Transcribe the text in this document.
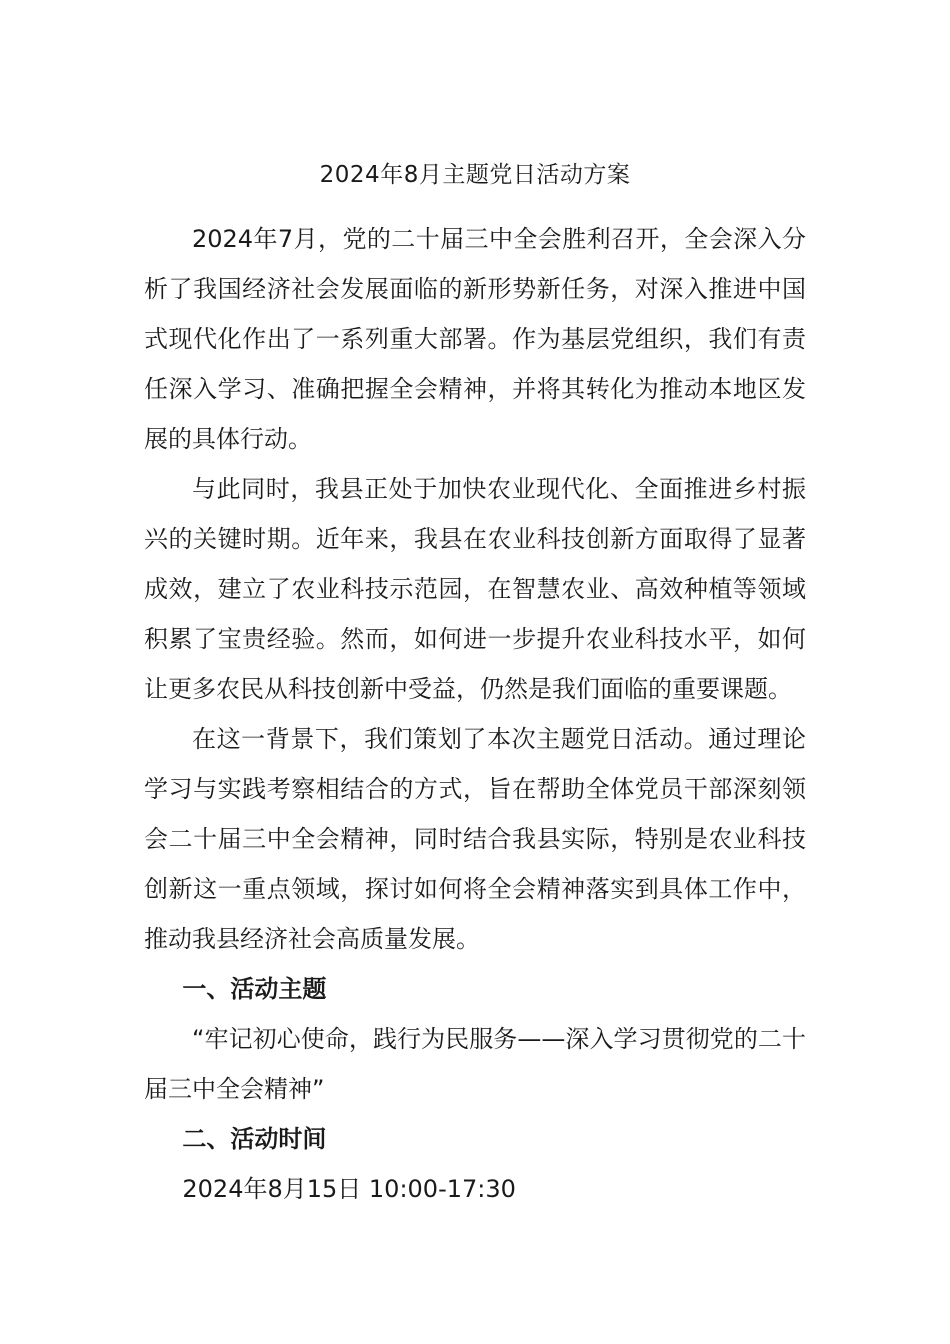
2024年8月主题党日活动方案

2024年7月，党的二十届三中全会胜利召开，全会深入分析了我国经济社会发展面临的新形势新任务，对深入推进中国式现代化作出了一系列重大部署。作为基层党组织，我们有责任深入学习、准确把握全会精神，并将其转化为推动本地区发展的具体行动。

与此同时，我县正处于加快农业现代化、全面推进乡村振兴的关键时期。近年来，我县在农业科技创新方面取得了显著成效，建立了农业科技示范园，在智慧农业、高效种植等领域积累了宝贵经验。然而，如何进一步提升农业科技水平，如何让更多农民从科技创新中受益，仍然是我们面临的重要课题。

在这一背景下，我们策划了本次主题党日活动。通过理论学习与实践考察相结合的方式，旨在帮助全体党员干部深刻领会二十届三中全会精神，同时结合我县实际，特别是农业科技创新这一重点领域，探讨如何将全会精神落实到具体工作中，推动我县经济社会高质量发展。

一、活动主题

“牢记初心使命，践行为民服务——深入学习贯彻党的二十届三中全会精神”

二、活动时间

2024年8月15日 10:00-17:30
